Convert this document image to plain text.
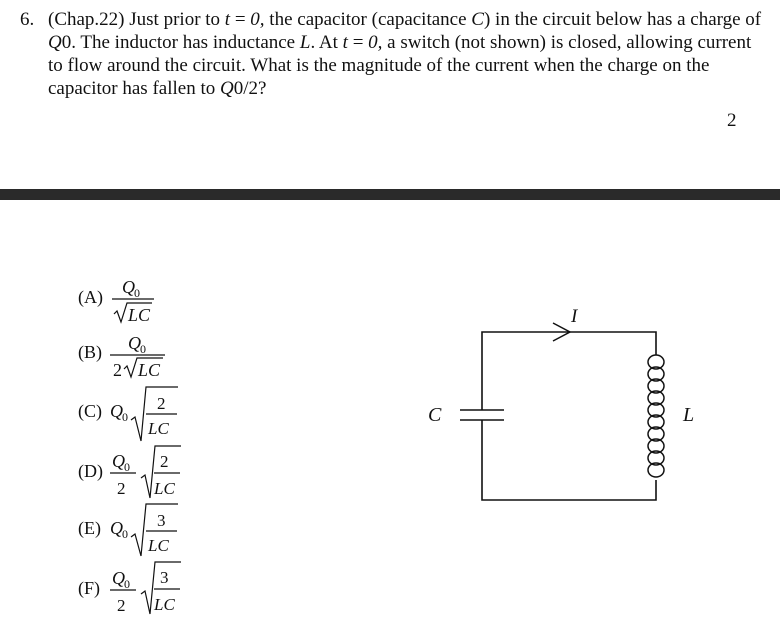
6. (Chap.22) Just prior to t = 0, the capacitor (capacitance C) in the circuit below has a charge of Q0. The inductor has inductance L. At t = 0, a switch (not shown) is closed, allowing current to flow around the circuit. What is the magnitude of the current when the charge on the capacitor has fallen to Q0/2?
2
(A) Q 0
LC
(B) Q 0
2 LC
(C) Q 0
2
LC
(D) Q 0
2
2
LC
(E) Q 0
3
LC
(F) Q 0
2
3
LC
I
C	L
